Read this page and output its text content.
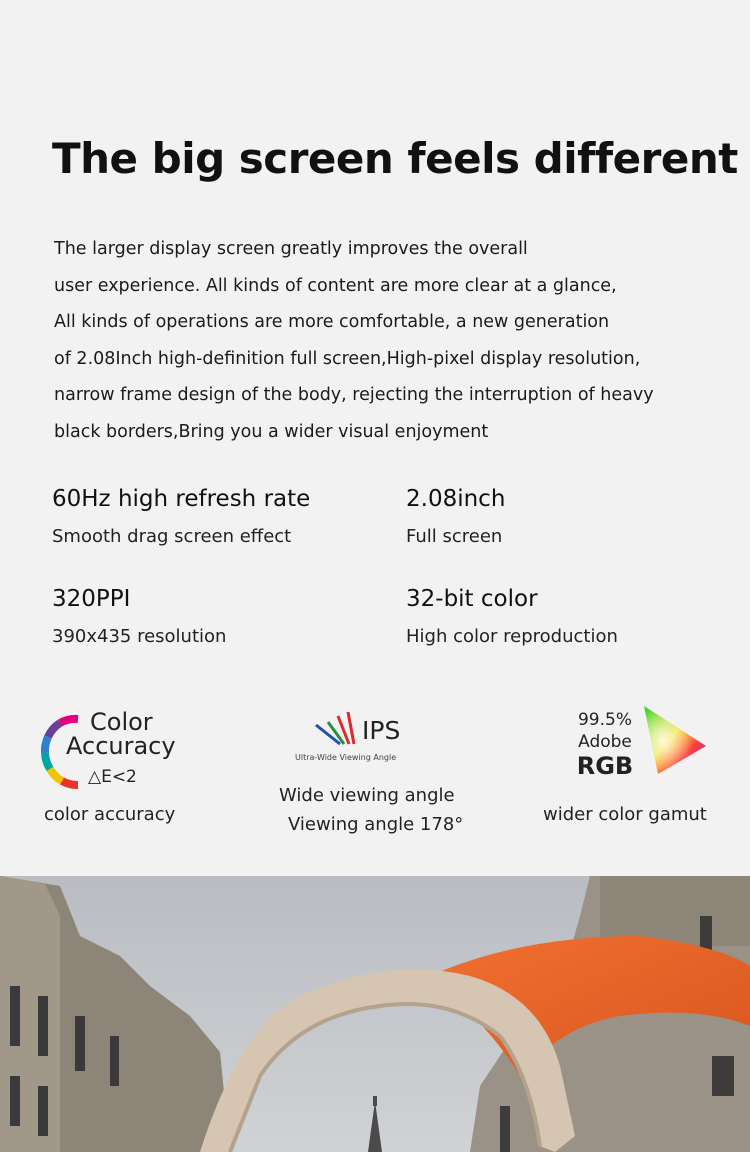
The big screen feels different
The larger display screen greatly improves the overall
user experience. All kinds of content are more clear at a glance,
All kinds of operations are more comfortable, a new generation
of 2.08Inch high-definition full screen,High-pixel display resolution,
narrow frame design of the body, rejecting the interruption of heavy
black borders,Bring you a wider visual enjoyment
60Hz high refresh rate
Smooth drag screen effect
2.08inch
Full screen
320PPI
390x435 resolution
32-bit color
High color reproduction
Color
Accuracy
△E<2
color accuracy
IPS
Ultra-Wide Viewing Angle
Wide viewing angle
Viewing angle 178°
99.5%
Adobe
RGB
wider color gamut
